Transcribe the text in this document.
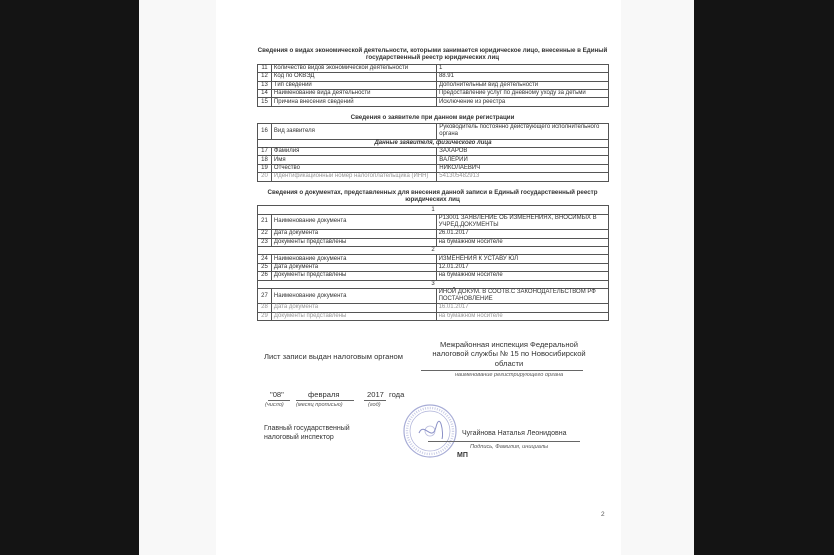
Сведения о видах экономической деятельности, которыми занимается юридическое лицо, внесенные в Единый государственный реестр юридических лиц
11	Количество видов экономической деятельности	1
12	Код по ОКВЭД	88.91
13	Тип сведений	Дополнительный вид деятельности
14	Наименование вида деятельности	Предоставление услуг по дневному уходу за детьми
15	Причина внесения сведений	Исключение из реестра
Сведения о заявителе при данном виде регистрации
16	Вид заявителя	Руководитель постоянно действующего исполнительного органа
Данные заявителя, физического лица		
17	Фамилия	ЗАХАРОВ
18	Имя	ВАЛЕРИЙ
19	Отчество	НИКОЛАЕВИЧ
20	Идентификационный номер налогоплательщика (ИНН)	541305482913
Сведения о документах, представленных для внесения данной записи в Единый государственный реестр юридических лиц
1		
21	Наименование документа	Р13001 ЗАЯВЛЕНИЕ ОБ ИЗМЕНЕНИЯХ, ВНОСИМЫХ В УЧРЕД.ДОКУМЕНТЫ
22	Дата документа	26.01.2017
23	Документы представлены	на бумажном носителе
2		
24	Наименование документа	ИЗМЕНЕНИЯ К УСТАВУ ЮЛ
25	Дата документа	12.01.2017
26	Документы представлены	на бумажном носителе
3		
27	Наименование документа	ИНОЙ ДОКУМ. В СООТВ.С ЗАКОНОДАТЕЛЬСТВОМ РФ ПОСТАНОВЛЕНИЕ
28	Дата документа	16.01.2017
29	Документы представлены	на бумажном носителе
Лист записи выдан налоговым органом
Межрайонная инспекция Федеральной налоговой службы № 15 по Новосибирской области
наименование регистрирующего органа
"08"
(число)
февраля
(месяц прописью)
2017 года
(год)
Главный государственный налоговый инспектор
Чугайнова Наталья Леонидовна
Подпись, Фамилия, инициалы
МП
2
